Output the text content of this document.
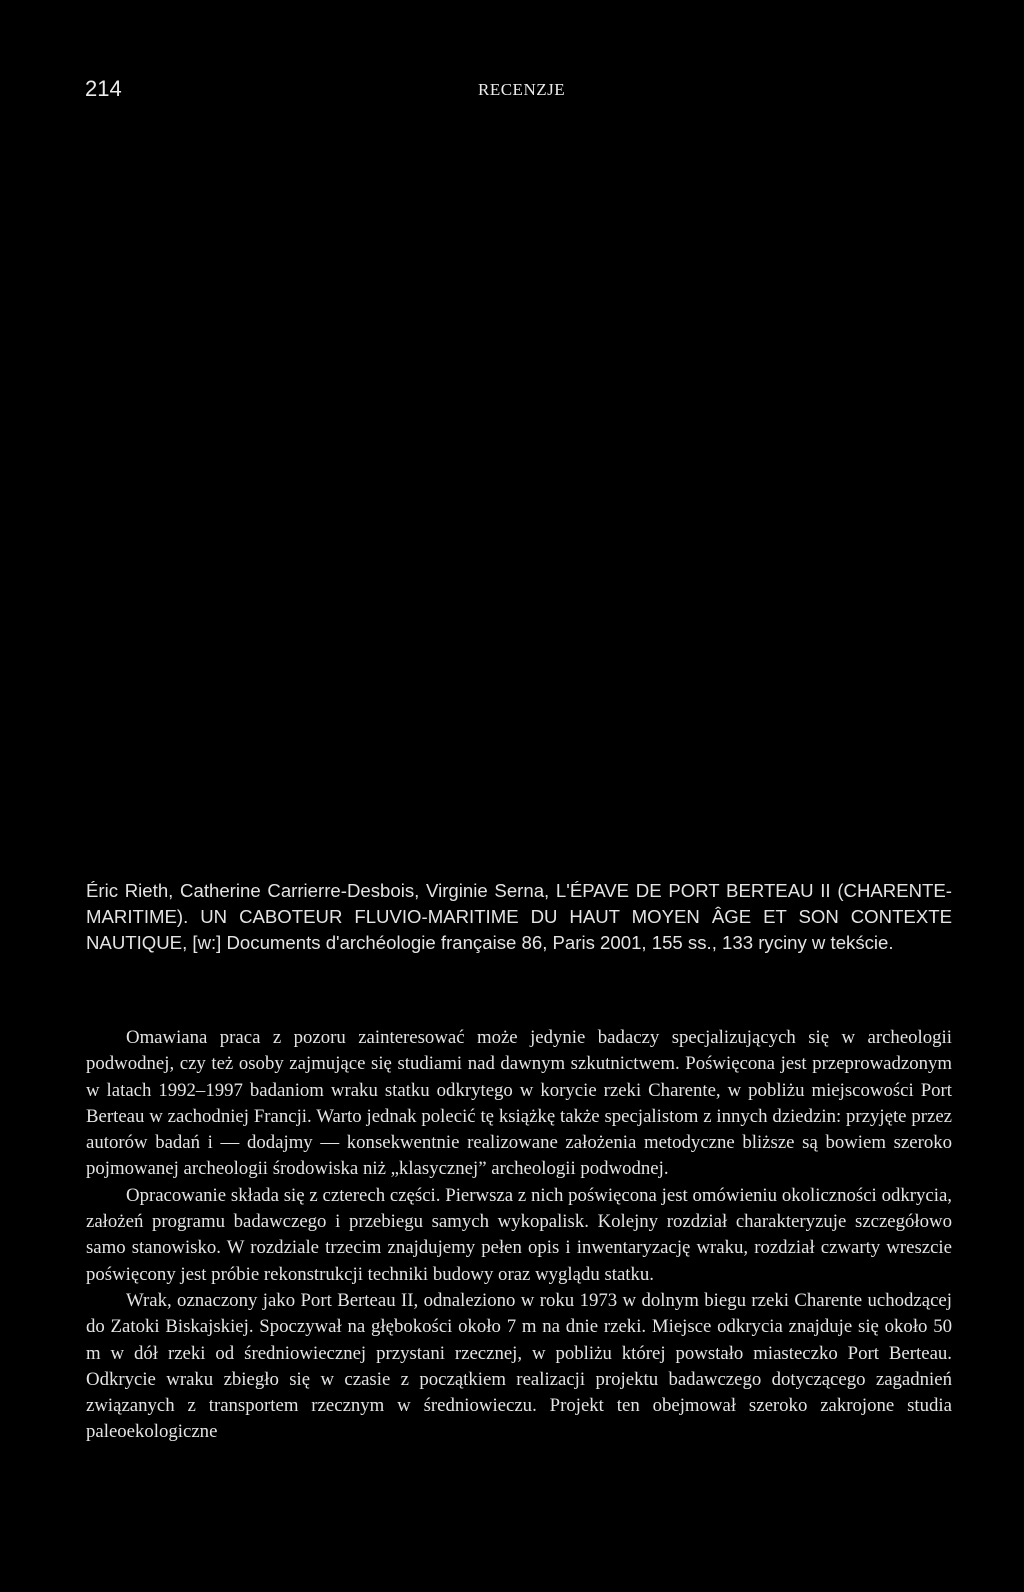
214	RECENZJE
Éric Rieth, Catherine Carrierre-Desbois, Virginie Serna, L'ÉPAVE DE PORT BERTEAU II (CHARENTE-MARITIME). UN CABOTEUR FLUVIO-MARITIME DU HAUT MOYEN ÂGE ET SON CONTEXTE NAUTIQUE, [w:] Documents d'archéologie française 86, Paris 2001, 155 ss., 133 ryciny w tekście.

Omawiana praca z pozoru zainteresować może jedynie badaczy specjalizujących się w archeologii podwodnej, czy też osoby zajmujące się studiami nad dawnym szkutnictwem. Poświęcona jest przeprowadzonym w latach 1992–1997 badaniom wraku statku odkrytego w korycie rzeki Charente, w pobliżu miejscowości Port Berteau w zachodniej Francji. Warto jednak polecić tę książkę także specjalistom z innych dziedzin: przyjęte przez autorów badań i — dodajmy — konsekwentnie realizowane założenia metodyczne bliższe są bowiem szeroko pojmowanej archeologii środowiska niż „klasycznej” archeologii podwodnej.

Opracowanie składa się z czterech części. Pierwsza z nich poświęcona jest omówieniu okoliczności odkrycia, założeń programu badawczego i przebiegu samych wykopalisk. Kolejny rozdział charakteryzuje szczegółowo samo stanowisko. W rozdziale trzecim znajdujemy pełen opis i inwentaryzację wraku, rozdział czwarty wreszcie poświęcony jest próbie rekonstrukcji techniki budowy oraz wyglądu statku.

Wrak, oznaczony jako Port Berteau II, odnaleziono w roku 1973 w dolnym biegu rzeki Charente uchodzącej do Zatoki Biskajskiej. Spoczywał na głębokości około 7 m na dnie rzeki. Miejsce odkrycia znajduje się około 50 m w dół rzeki od średniowiecznej przystani rzecznej, w pobliżu której powstało miasteczko Port Berteau. Odkrycie wraku zbiegło się w czasie z początkiem realizacji projektu badawczego dotyczącego zagadnień związanych z transportem rzecznym w średniowieczu. Projekt ten obejmował szeroko zakrojone studia paleoekologiczne
